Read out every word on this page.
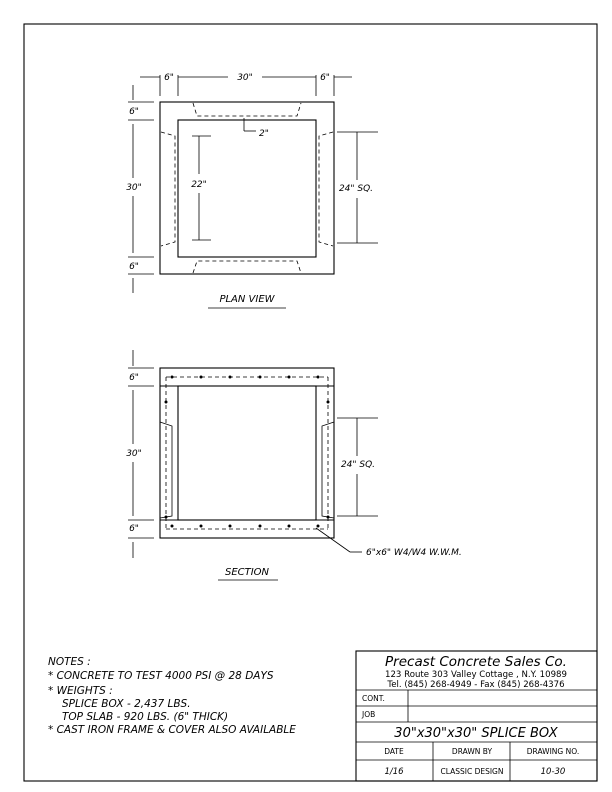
6"	30"	6"
6"
30"
6"
2"
22"	24" SQ.
PLAN VIEW
6"
30"
6"
24" SQ.
6"x6" W4/W4 W.W.M.
SECTION
NOTES :
* CONCRETE TO TEST 4000 PSI @ 28 DAYS
* WEIGHTS :
SPLICE BOX - 2,437 LBS.
TOP SLAB - 920 LBS. (6" THICK)
* CAST IRON FRAME & COVER ALSO AVAILABLE
Precast Concrete Sales Co.
123 Route 303 Valley Cottage , N.Y. 10989
Tel. (845) 268-4949 - Fax (845) 268-4376
CONT.
JOB
30"x30"x30" SPLICE BOX
DATE	DRAWN BY	DRAWING NO.
1/16	CLASSIC DESIGN	10-30
